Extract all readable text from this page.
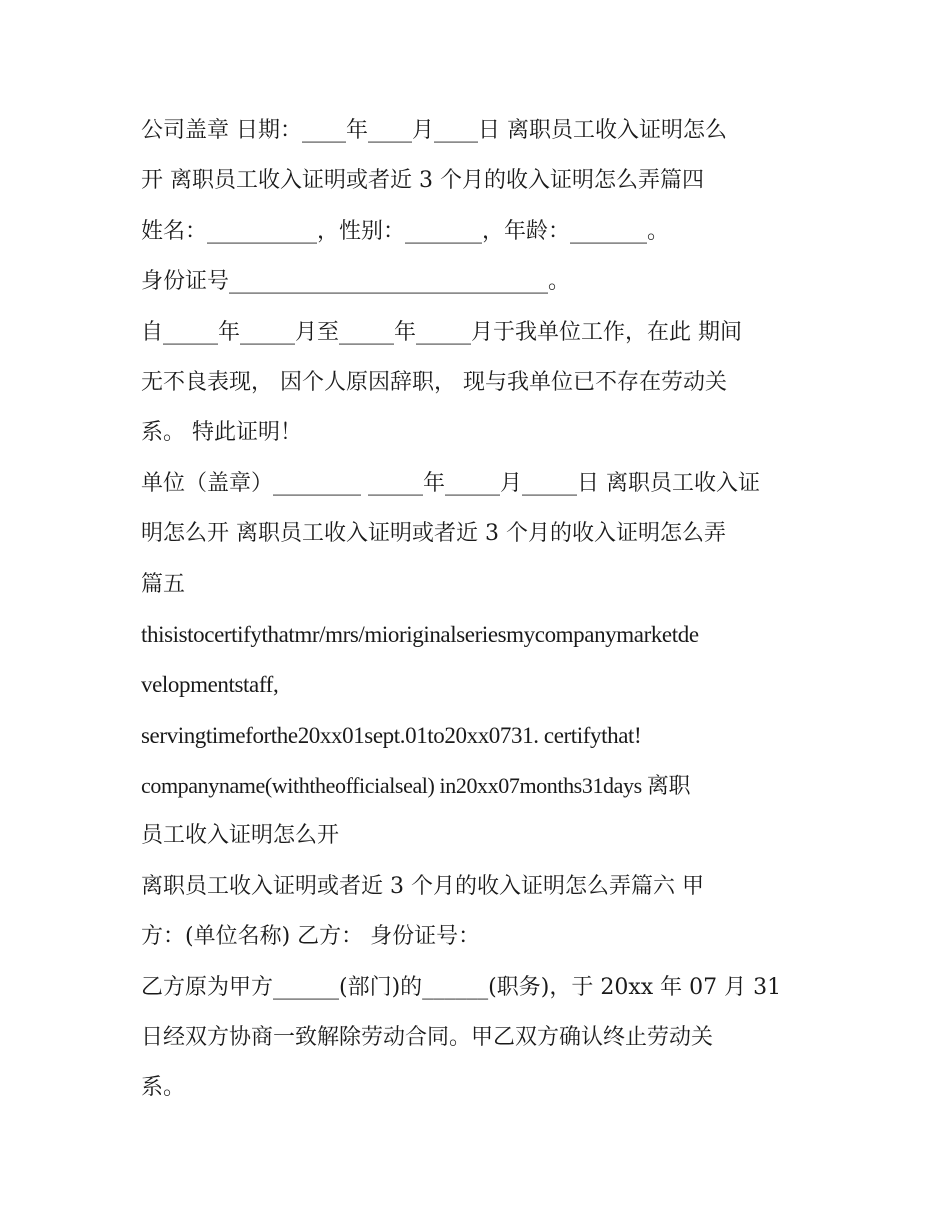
公司盖章 日期：____年____月____日 离职员工收入证明怎么
开 离职员工收入证明或者近 3 个月的收入证明怎么弄篇四
姓名：__________，性别：_______，年龄：_______。
身份证号_____________________________。
自_____年_____月至_____年_____月于我单位工作，在此 期间
无不良表现， 因个人原因辞职， 现与我单位已不存在劳动关
系。 特此证明！
单位（盖章）________ _____年_____月_____日 离职员工收入证
明怎么开 离职员工收入证明或者近 3 个月的收入证明怎么弄
篇五
thisistocertifythatmr/mrs/mioriginalseriesmycompanymarketde
velopmentstaff,
servingtimeforthe20xx01sept.01to20xx0731. certifythat!
companyname(withtheofficialseal) in20xx07months31days 离职
员工收入证明怎么开
离职员工收入证明或者近 3 个月的收入证明怎么弄篇六 甲
方：(单位名称) 乙方： 身份证号：
乙方原为甲方______(部门)的______(职务)，于 20xx 年 07 月 31
日经双方协商一致解除劳动合同。甲乙双方确认终止劳动关
系。
